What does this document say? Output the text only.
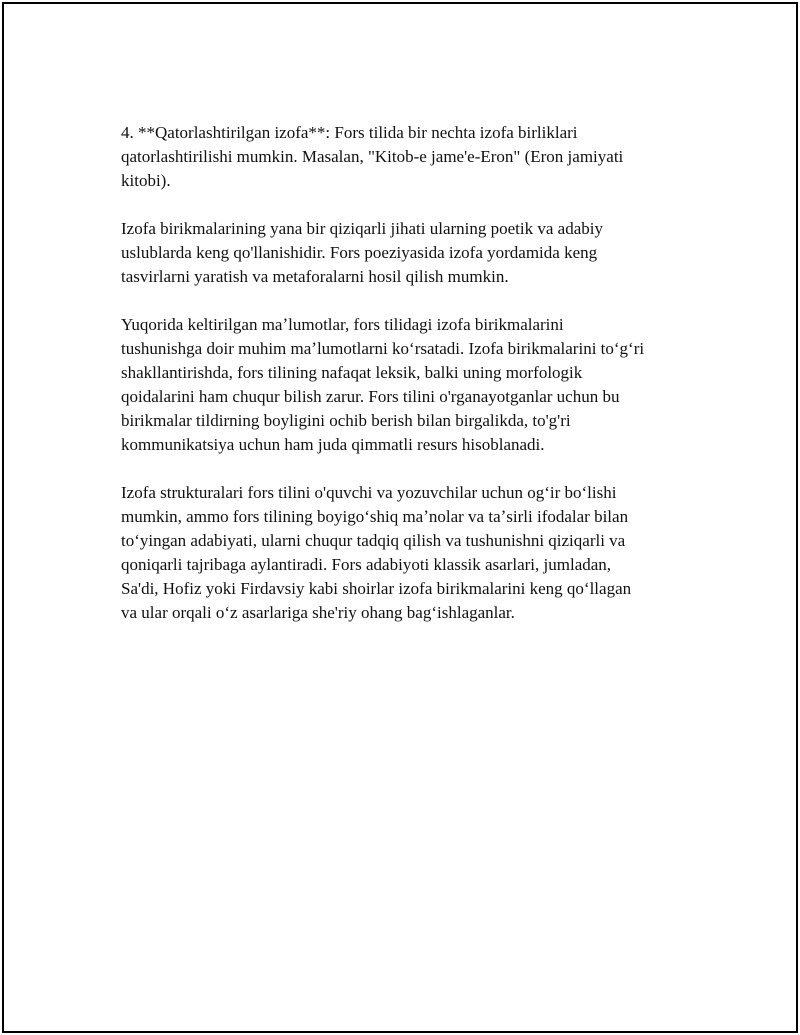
4. **Qatorlashtirilgan izofa**: Fors tilida bir nechta izofa birliklari
qatorlashtirilishi mumkin. Masalan, "Kitob-e jame'e-Eron" (Eron jamiyati
kitobi).

Izofa birikmalarining yana bir qiziqarli jihati ularning poetik va adabiy
uslublarda keng qo'llanishidir. Fors poeziyasida izofa yordamida keng
tasvirlarni yaratish va metaforalarni hosil qilish mumkin.

Yuqorida keltirilgan maʼlumotlar, fors tilidagi izofa birikmalarini
tushunishga doir muhim maʼlumotlarni koʻrsatadi. Izofa birikmalarini toʻgʻri
shakllantirishda, fors tilining nafaqat leksik, balki uning morfologik
qoidalarini ham chuqur bilish zarur. Fors tilini o'rganayotganlar uchun bu
birikmalar tildirning boyligini ochib berish bilan birgalikda, to'g'ri
kommunikatsiya uchun ham juda qimmatli resurs hisoblanadi.

Izofa strukturalari fors tilini o'quvchi va yozuvchilar uchun ogʻir boʻlishi
mumkin, ammo fors tilining boyigoʻshiq maʼnolar va taʼsirli ifodalar bilan
toʻyingan adabiyati, ularni chuqur tadqiq qilish va tushunishni qiziqarli va
qoniqarli tajribaga aylantiradi. Fors adabiyoti klassik asarlari, jumladan,
Sa'di, Hofiz yoki Firdavsiy kabi shoirlar izofa birikmalarini keng qoʻllagan
va ular orqali oʻz asarlariga she'riy ohang bagʻishlaganlar.
